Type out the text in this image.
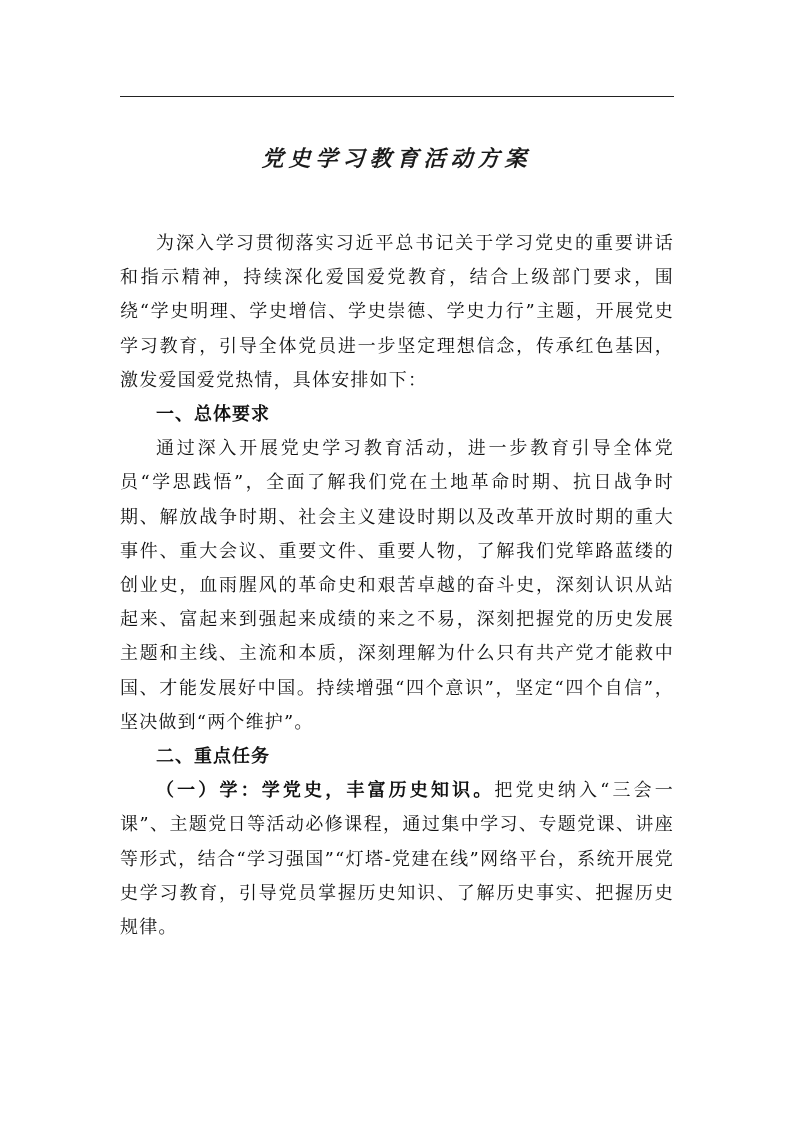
党史学习教育活动方案

为深入学习贯彻落实习近平总书记关于学习党史的重要讲话和指示精神，持续深化爱国爱党教育，结合上级部门要求，围绕“学史明理、学史增信、学史崇德、学史力行”主题，开展党史学习教育，引导全体党员进一步坚定理想信念，传承红色基因，激发爱国爱党热情，具体安排如下：

一、总体要求

通过深入开展党史学习教育活动，进一步教育引导全体党员“学思践悟”，全面了解我们党在土地革命时期、抗日战争时期、解放战争时期、社会主义建设时期以及改革开放时期的重大事件、重大会议、重要文件、重要人物，了解我们党筚路蓝缕的创业史，血雨腥风的革命史和艰苦卓越的奋斗史，深刻认识从站起来、富起来到强起来成绩的来之不易，深刻把握党的历史发展主题和主线、主流和本质，深刻理解为什么只有共产党才能救中国、才能发展好中国。持续增强“四个意识”，坚定“四个自信”，坚决做到“两个维护”。

二、重点任务

（一）学：学党史，丰富历史知识。把党史纳入“三会一课”、主题党日等活动必修课程，通过集中学习、专题党课、讲座等形式，结合“学习强国”“灯塔-党建在线”网络平台，系统开展党史学习教育，引导党员掌握历史知识、了解历史事实、把握历史规律。
